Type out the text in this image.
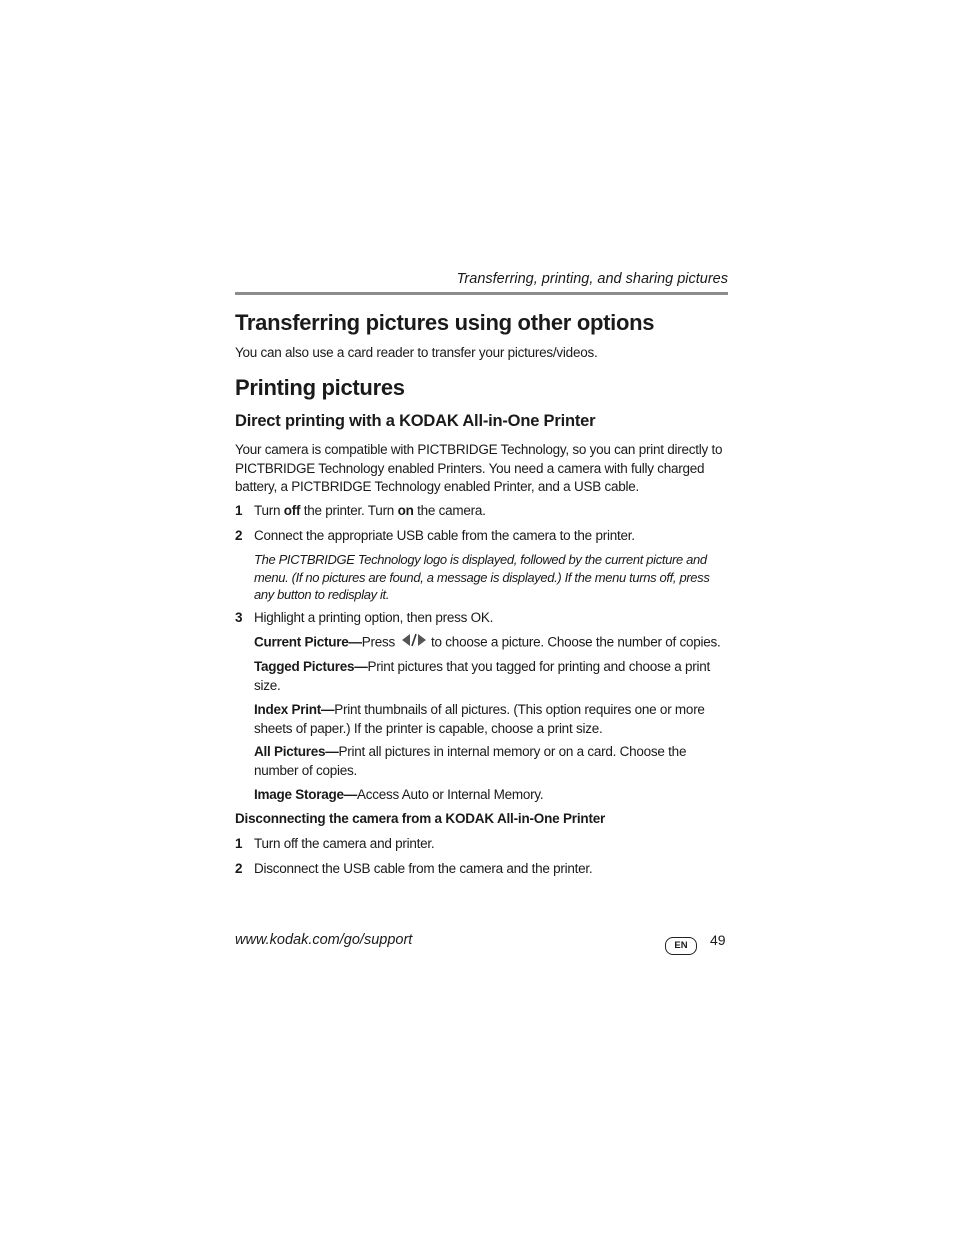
Transferring, printing, and sharing pictures
Transferring pictures using other options
You can also use a card reader to transfer your pictures/videos.
Printing pictures
Direct printing with a KODAK All-in-One Printer
Your camera is compatible with PICTBRIDGE Technology, so you can print directly to PICTBRIDGE Technology enabled Printers. You need a camera with fully charged battery, a PICTBRIDGE Technology enabled Printer, and a USB cable.
1 Turn off the printer. Turn on the camera.
2 Connect the appropriate USB cable from the camera to the printer.
The PICTBRIDGE Technology logo is displayed, followed by the current picture and menu. (If no pictures are found, a message is displayed.) If the menu turns off, press any button to redisplay it.
3 Highlight a printing option, then press OK.
Current Picture—Press	to choose a picture. Choose the number of copies.
Tagged Pictures—Print pictures that you tagged for printing and choose a print size.
Index Print—Print thumbnails of all pictures. (This option requires one or more sheets of paper.) If the printer is capable, choose a print size.
All Pictures—Print all pictures in internal memory or on a card. Choose the number of copies.
Image Storage—Access Auto or Internal Memory.
Disconnecting the camera from a KODAK All-in-One Printer
1 Turn off the camera and printer.
2 Disconnect the USB cable from the camera and the printer.
www.kodak.com/go/support	EN	49
